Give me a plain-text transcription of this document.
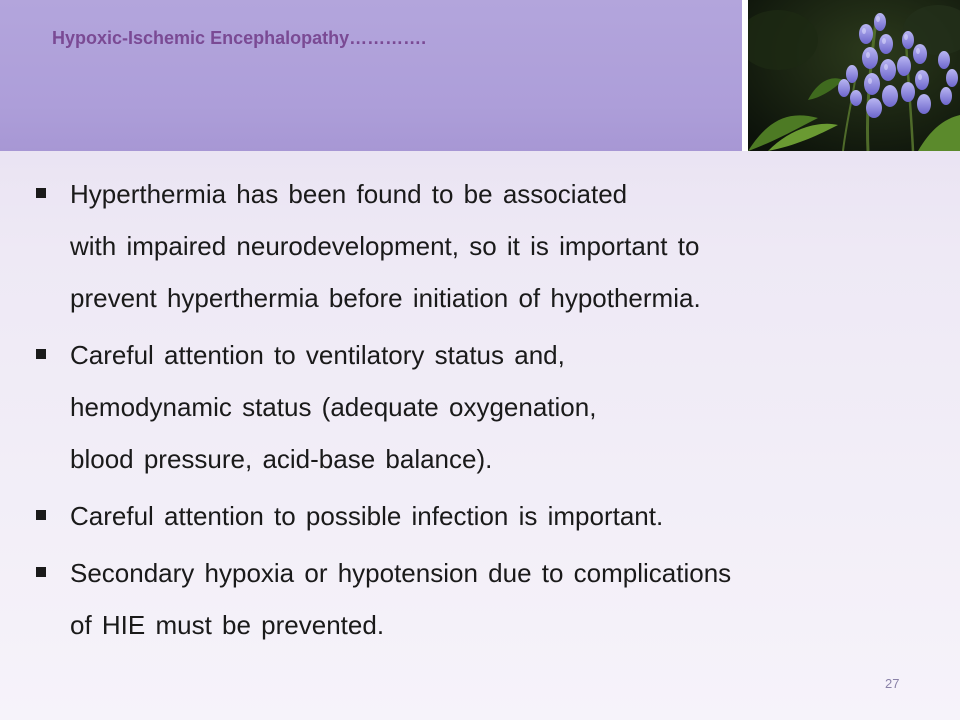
Hypoxic-Ischemic Encephalopathy………….
Hyperthermia has been found to be associated
with impaired neurodevelopment, so it is important to
prevent hyperthermia before initiation of hypothermia.
Careful attention to ventilatory status and,
hemodynamic status (adequate oxygenation,
blood pressure, acid-base balance).
Careful attention to possible infection is important.
Secondary hypoxia or hypotension due to complications
of HIE must be prevented.
27
